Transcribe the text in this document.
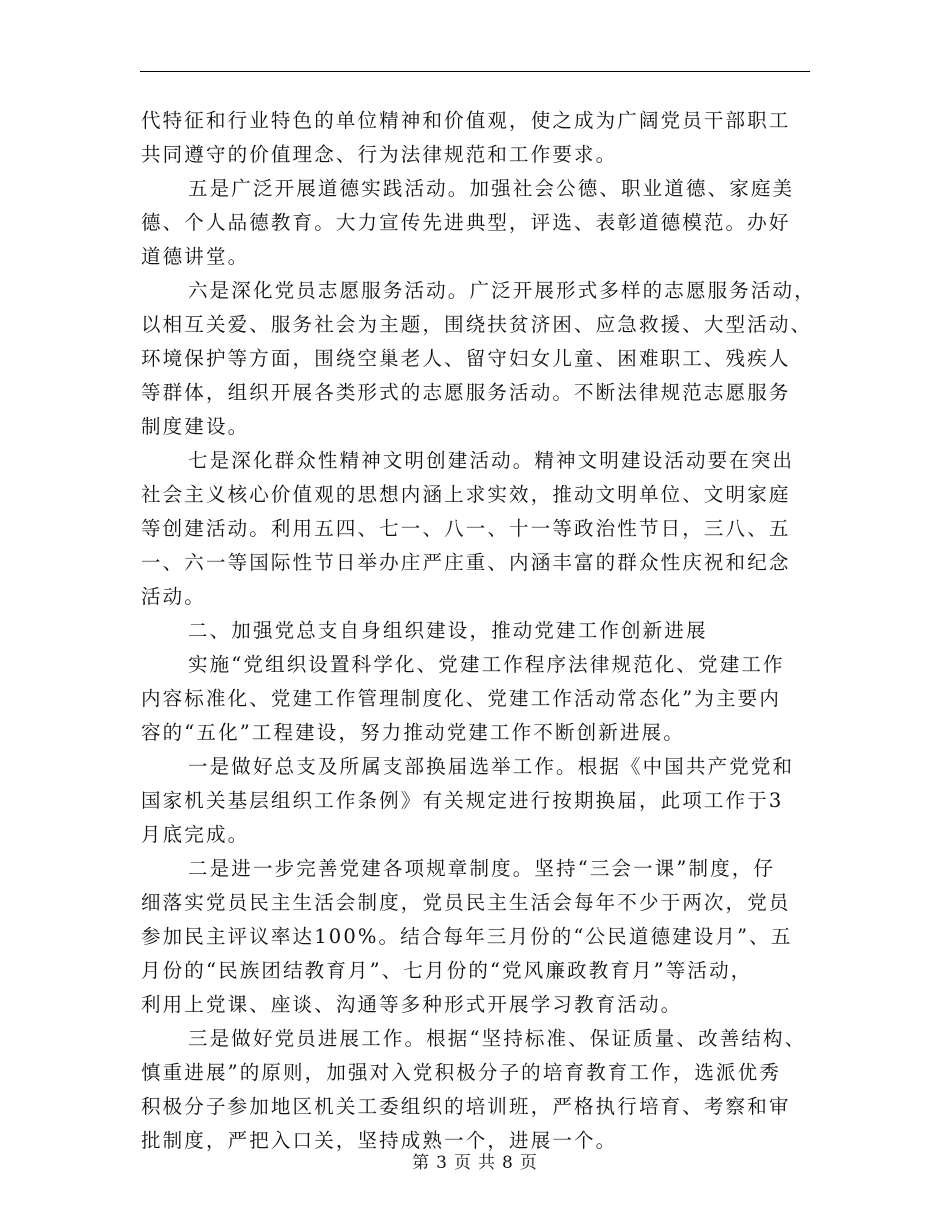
代特征和行业特色的单位精神和价值观，使之成为广阔党员干部职工
共同遵守的价值理念、行为法律规范和工作要求。
五是广泛开展道德实践活动。加强社会公德、职业道德、家庭美
德、个人品德教育。大力宣传先进典型，评选、表彰道德模范。办好
道德讲堂。
六是深化党员志愿服务活动。广泛开展形式多样的志愿服务活动，
以相互关爱、服务社会为主题，围绕扶贫济困、应急救援、大型活动、
环境保护等方面，围绕空巢老人、留守妇女儿童、困难职工、残疾人
等群体，组织开展各类形式的志愿服务活动。不断法律规范志愿服务
制度建设。
七是深化群众性精神文明创建活动。精神文明建设活动要在突出
社会主义核心价值观的思想内涵上求实效，推动文明单位、文明家庭
等创建活动。利用五四、七一、八一、十一等政治性节日，三八、五
一、六一等国际性节日举办庄严庄重、内涵丰富的群众性庆祝和纪念
活动。
二、加强党总支自身组织建设，推动党建工作创新进展
实施“党组织设置科学化、党建工作程序法律规范化、党建工作
内容标准化、党建工作管理制度化、党建工作活动常态化”为主要内
容的“五化”工程建设，努力推动党建工作不断创新进展。
一是做好总支及所属支部换届选举工作。根据《中国共产党党和
国家机关基层组织工作条例》有关规定进行按期换届，此项工作于3
月底完成。
二是进一步完善党建各项规章制度。坚持“三会一课”制度，仔
细落实党员民主生活会制度，党员民主生活会每年不少于两次，党员
参加民主评议率达100%。结合每年三月份的“公民道德建设月”、五
月份的“民族团结教育月”、七月份的“党风廉政教育月”等活动，
利用上党课、座谈、沟通等多种形式开展学习教育活动。
三是做好党员进展工作。根据“坚持标准、保证质量、改善结构、
慎重进展”的原则，加强对入党积极分子的培育教育工作，选派优秀
积极分子参加地区机关工委组织的培训班，严格执行培育、考察和审
批制度，严把入口关，坚持成熟一个，进展一个。
第 3 页 共 8 页
